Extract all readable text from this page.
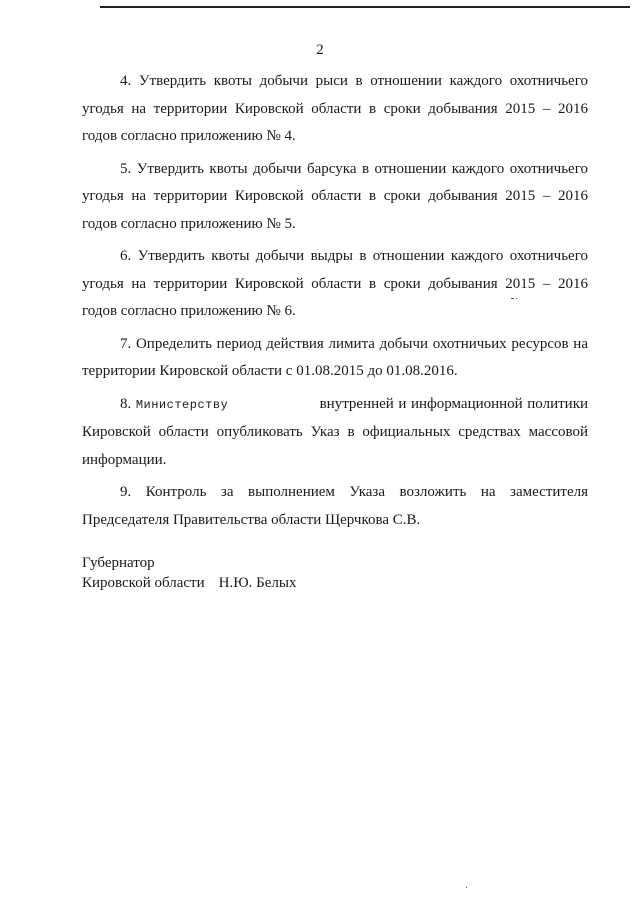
2

4. Утвердить квоты добычи рыси в отношении каждого охотничьего угодья на территории Кировской области в сроки добывания 2015 – 2016 годов согласно приложению № 4.

5. Утвердить квоты добычи барсука в отношении каждого охотничьего угодья на территории Кировской области в сроки добывания 2015 – 2016 годов согласно приложению № 5.

6. Утвердить квоты добычи выдры в отношении каждого охотничьего угодья на территории Кировской области в сроки добывания 2015 – 2016 годов согласно приложению № 6.

7. Определить период действия лимита добычи охотничьих ресурсов на территории Кировской области с 01.08.2015 до 01.08.2016.

8. Министерству	внутренней и информационной политики Кировской области опубликовать Указ в официальных средствах массовой информации.

9. Контроль за выполнением Указа возложить на заместителя Председателя Правительства области Щерчкова С.В.

Губернатор
Кировской области Н.Ю. Белых
